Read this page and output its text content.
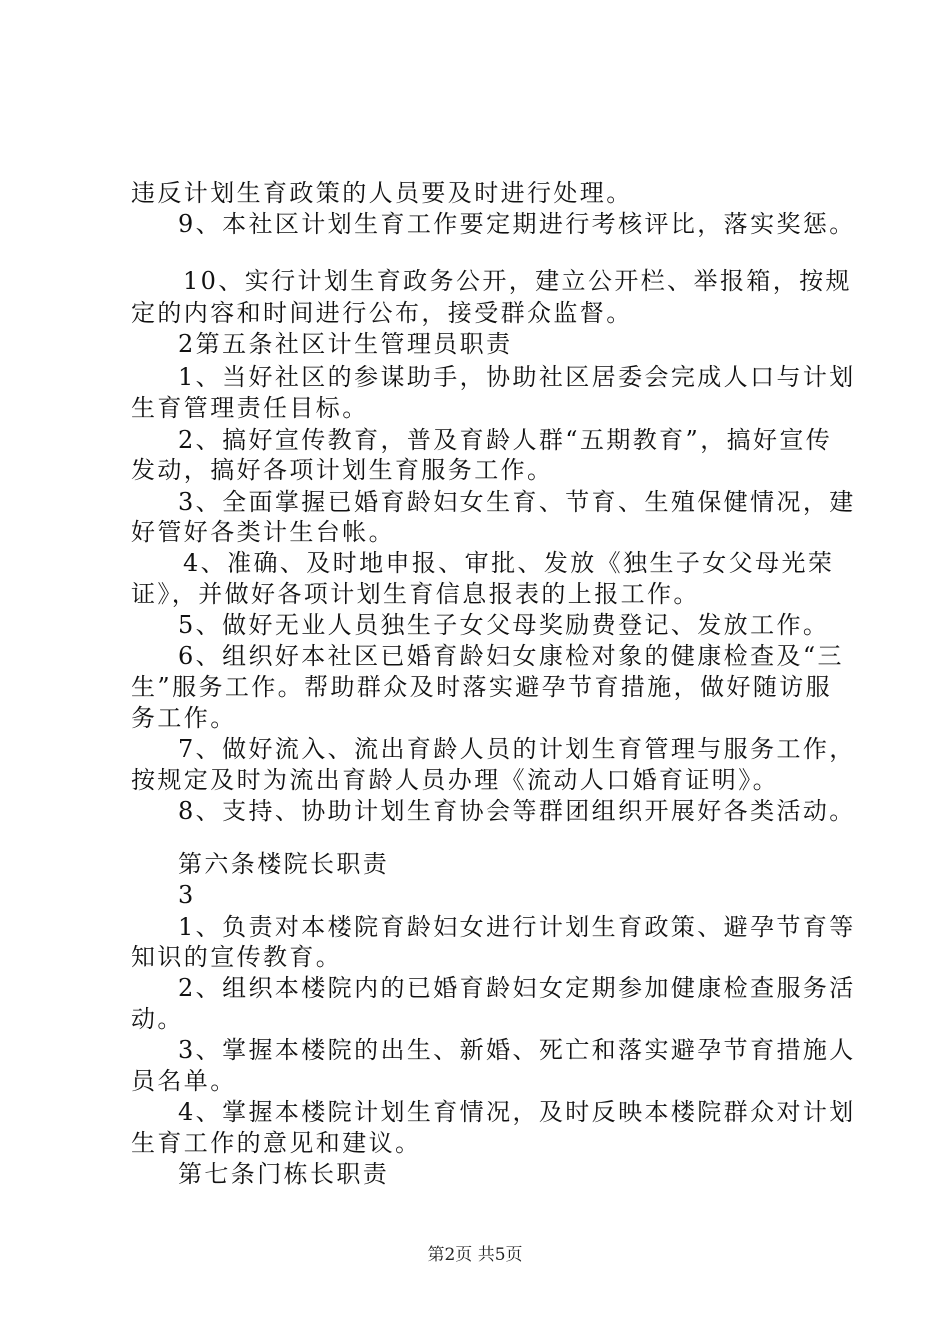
违反计划生育政策的人员要及时进行处理。
9、本社区计划生育工作要定期进行考核评比，落实奖惩。
10、实行计划生育政务公开，建立公开栏、举报箱，按规
定的内容和时间进行公布，接受群众监督。
2第五条社区计生管理员职责
1、当好社区的参谋助手，协助社区居委会完成人口与计划
生育管理责任目标。
2、搞好宣传教育，普及育龄人群“五期教育”，搞好宣传
发动，搞好各项计划生育服务工作。
3、全面掌握已婚育龄妇女生育、节育、生殖保健情况，建
好管好各类计生台帐。
4、准确、及时地申报、审批、发放《独生子女父母光荣
证》，并做好各项计划生育信息报表的上报工作。
5、做好无业人员独生子女父母奖励费登记、发放工作。
6、组织好本社区已婚育龄妇女康检对象的健康检查及“三
生”服务工作。帮助群众及时落实避孕节育措施，做好随访服
务工作。
7、做好流入、流出育龄人员的计划生育管理与服务工作，
按规定及时为流出育龄人员办理《流动人口婚育证明》。
8、支持、协助计划生育协会等群团组织开展好各类活动。
第六条楼院长职责
3
1、负责对本楼院育龄妇女进行计划生育政策、避孕节育等
知识的宣传教育。
2、组织本楼院内的已婚育龄妇女定期参加健康检查服务活
动。
3、掌握本楼院的出生、新婚、死亡和落实避孕节育措施人
员名单。
4、掌握本楼院计划生育情况，及时反映本楼院群众对计划
生育工作的意见和建议。
第七条门栋长职责
第2页 共5页
